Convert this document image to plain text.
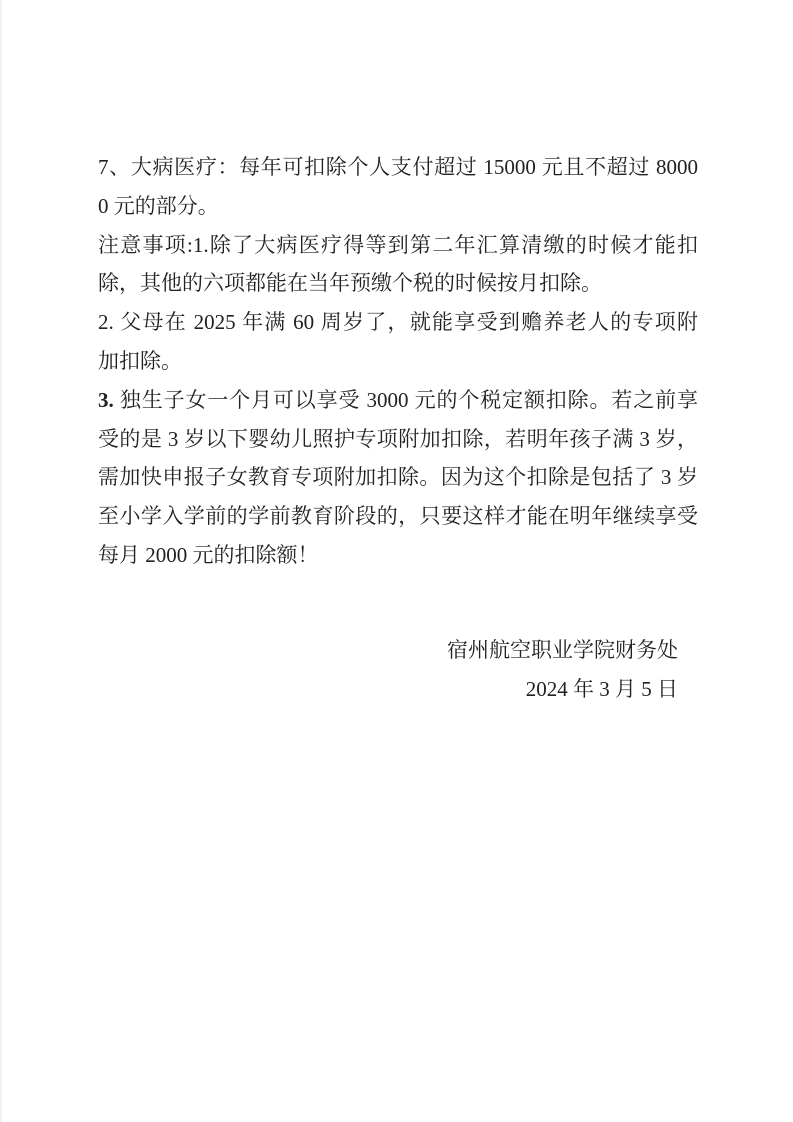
7、大病医疗：每年可扣除个人支付超过 15000 元且不超过 8000
0 元的部分。
注意事项:1.除了大病医疗得等到第二年汇算清缴的时候才能扣
除，其他的六项都能在当年预缴个税的时候按月扣除。
2. 父母在 2025 年满 60 周岁了，就能享受到赡养老人的专项附
加扣除。
3. 独生子女一个月可以享受 3000 元的个税定额扣除。若之前享
受的是 3 岁以下婴幼儿照护专项附加扣除，若明年孩子满 3 岁，
需加快申报子女教育专项附加扣除。因为这个扣除是包括了 3 岁
至小学入学前的学前教育阶段的，只要这样才能在明年继续享受
每月 2000 元的扣除额！
宿州航空职业学院财务处
2024 年 3 月 5 日
